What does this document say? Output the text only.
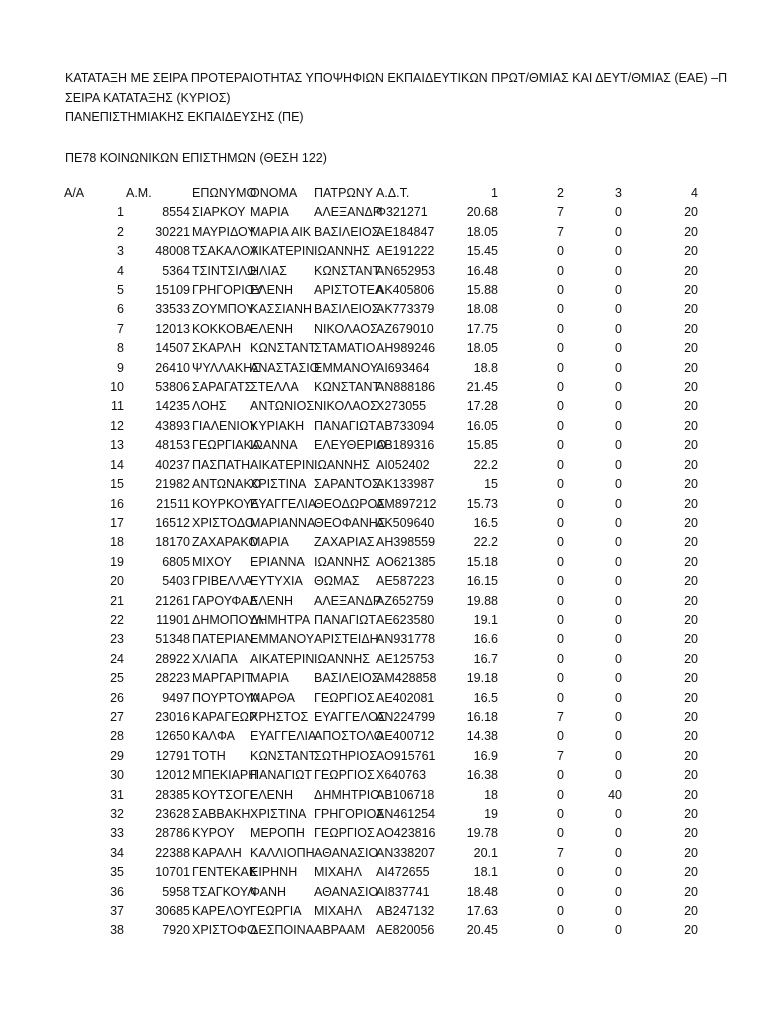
ΚΑΤΑΤΑΞΗ ΜΕ ΣΕΙΡΑ ΠΡΟΤΕΡΑΙΟΤΗΤΑΣ ΥΠΟΨΗΦΙΩΝ ΕΚΠΑΙΔΕΥΤΙΚΩΝ ΠΡΩΤ/ΘΜΙΑΣ ΚΑΙ ΔΕΥΤ/ΘΜΙΑΣ (ΕΑΕ) –Π
ΣΕΙΡΑ ΚΑΤΑΤΑΞΗΣ (ΚΥΡΙΟΣ)
ΠΑΝΕΠΙΣΤΗΜΙΑΚΗΣ ΕΚΠΑΙΔΕΥΣΗΣ (ΠΕ)
ΠΕ78 ΚΟΙΝΩΝΙΚΩΝ ΕΠΙΣΤΗΜΩΝ (ΘΕΣΗ 122)
Α/Α	Α.Μ.	ΕΠΩΝΥΜΟ	ΟΝΟΜΑ	ΠΑΤΡΩΝΥ	Α.Δ.Τ.	1	2	3	4
1	8554	ΣΙΑΡΚΟΥ	ΜΑΡΙΑ	ΑΛΕΞΑΝΔΡ	Φ321271	20.68	7	0	20
2	30221	ΜΑΥΡΙΔΟΥ	ΜΑΡΙΑ ΑΙΚ	ΒΑΣΙΛΕΙΟΣ	ΑΕ184847	18.05	7	0	20
3	48008	ΤΣΑΚΑΛΟΥ	ΑΙΚΑΤΕΡΙΝ	ΙΩΑΝΝΗΣ	ΑΕ191222	15.45	0	0	20
4	5364	ΤΣΙΝΤΣΙΛΩ	ΗΛΙΑΣ	ΚΩΝΣΤΑΝΤ	ΑΝ652953	16.48	0	0	20
5	15109	ΓΡΗΓΟΡΙΟΥ	ΕΛΕΝΗ	ΑΡΙΣΤΟΤΕΛ	ΑΚ405806	15.88	0	0	20
6	33533	ΖΟΥΜΠΟΥ	ΚΑΣΣΙΑΝΗ	ΒΑΣΙΛΕΙΟΣ	ΑΚ773379	18.08	0	0	20
7	12013	ΚΟΚΚΟΒΑ	ΕΛΕΝΗ	ΝΙΚΟΛΑΟΣ	ΑΖ679010	17.75	0	0	20
8	14507	ΣΚΑΡΛΗ	ΚΩΝΣΤΑΝΤ	ΣΤΑΜΑΤΙΟ	ΑΗ989246	18.05	0	0	20
9	26410	ΨΥΛΛΑΚΗΣ	ΑΝΑΣΤΑΣΙΟ	ΕΜΜΑΝΟΥ	ΑΙ693464	18.8	0	0	20
10	53806	ΣΑΡΑΓΑΤΣ	ΣΤΕΛΛΑ	ΚΩΝΣΤΑΝΤ	ΑΝ888186	21.45	0	0	20
11	14235	ΛΟΗΣ	ΑΝΤΩΝΙΟΣ	ΝΙΚΟΛΑΟΣ	Χ273055	17.28	0	0	20
12	43893	ΓΙΑΛΕΝΙΟΥ	ΚΥΡΙΑΚΗ	ΠΑΝΑΓΙΩΤ	ΑΒ733094	16.05	0	0	20
13	48153	ΓΕΩΡΓΙΑΚΑ	ΙΩΑΝΝΑ	ΕΛΕΥΘΕΡΙΟ	ΑΒ189316	15.85	0	0	20
14	40237	ΠΑΣΠΑΤΗ	ΑΙΚΑΤΕΡΙΝ	ΙΩΑΝΝΗΣ	ΑΙ052402	22.2	0	0	20
15	21982	ΑΝΤΩΝΑΚΟ	ΧΡΙΣΤΙΝΑ	ΣΑΡΑΝΤΟΣ	ΑΚ133987	15	0	0	20
16	21511	ΚΟΥΡΚΟΥΛ	ΕΥΑΓΓΕΛΙΑ	ΘΕΟΔΩΡΟΣ	ΑΜ897212	15.73	0	0	20
17	16512	ΧΡΙΣΤΟΔΟ	ΜΑΡΙΑΝΝΑ	ΘΕΟΦΑΝΗΣ	ΑΚ509640	16.5	0	0	20
18	18170	ΖΑΧΑΡΑΚΟ	ΜΑΡΙΑ	ΖΑΧΑΡΙΑΣ	ΑΗ398559	22.2	0	0	20
19	6805	ΜΙΧΟΥ	ΕΡΙΑΝΝΑ	ΙΩΑΝΝΗΣ	ΑΟ621385	15.18	0	0	20
20	5403	ΓΡΙΒΕΛΛΑ	ΕΥΤΥΧΙΑ	ΘΩΜΑΣ	ΑΕ587223	16.15	0	0	20
21	21261	ΓΑΡΟΥΦΑΛ	ΕΛΕΝΗ	ΑΛΕΞΑΝΔΡ	ΑΖ652759	19.88	0	0	20
22	11901	ΔΗΜΟΠΟΥΛ	ΔΗΜΗΤΡΑ	ΠΑΝΑΓΙΩΤ	ΑΕ623580	19.1	0	0	20
23	51348	ΠΑΤΕΡΙΑΝ	ΕΜΜΑΝΟΥ	ΑΡΙΣΤΕΙΔΗ	ΑΝ931778	16.6	0	0	20
24	28922	ΧΛΙΑΠΑ	ΑΙΚΑΤΕΡΙΝ	ΙΩΑΝΝΗΣ	ΑΕ125753	16.7	0	0	20
25	28223	ΜΑΡΓΑΡΙΤ	ΜΑΡΙΑ	ΒΑΣΙΛΕΙΟΣ	ΑΜ428858	19.18	0	0	20
26	9497	ΠΟΥΡΤΟΥΛ	ΜΑΡΘΑ	ΓΕΩΡΓΙΟΣ	ΑΕ402081	16.5	0	0	20
27	23016	ΚΑΡΑΓΕΩΡ	ΧΡΗΣΤΟΣ	ΕΥΑΓΓΕΛΟΣ	ΑΝ224799	16.18	7	0	20
28	12650	ΚΑΛΦΑ	ΕΥΑΓΓΕΛΙΑ	ΑΠΟΣΤΟΛΟ	ΑΕ400712	14.38	0	0	20
29	12791	ΤΟΤΗ	ΚΩΝΣΤΑΝΤ	ΣΩΤΗΡΙΟΣ	ΑΟ915761	16.9	7	0	20
30	12012	ΜΠΕΚΙΑΡΗ	ΠΑΝΑΓΙΩΤ	ΓΕΩΡΓΙΟΣ	Χ640763	16.38	0	0	20
31	28385	ΚΟΥΤΣΟΓΕ	ΕΛΕΝΗ	ΔΗΜΗΤΡΙΟ	ΑΒ106718	18	0	40	20
32	23628	ΣΑΒΒΑΚΗ	ΧΡΙΣΤΙΝΑ	ΓΡΗΓΟΡΙΟΣ	ΑΝ461254	19	0	0	20
33	28786	ΚΥΡΟΥ	ΜΕΡΟΠΗ	ΓΕΩΡΓΙΟΣ	ΑΟ423816	19.78	0	0	20
34	22388	ΚΑΡΑΛΗ	ΚΑΛΛΙΟΠΗ	ΑΘΑΝΑΣΙΟ	ΑΝ338207	20.1	7	0	20
35	10701	ΓΕΝΤΕΚΑΚ	ΕΙΡΗΝΗ	ΜΙΧΑΗΛ	ΑΙ472655	18.1	0	0	20
36	5958	ΤΣΑΓΚΟΥΛ	ΦΑΝΗ	ΑΘΑΝΑΣΙΟ	ΑΙ837741	18.48	0	0	20
37	30685	ΚΑΡΕΛΟΥ	ΓΕΩΡΓΙΑ	ΜΙΧΑΗΛ	ΑΒ247132	17.63	0	0	20
38	7920	ΧΡΙΣΤΟΦΟ	ΔΕΣΠΟΙΝΑ	ΑΒΡΑΑΜ	ΑΕ820056	20.45	0	0	20
